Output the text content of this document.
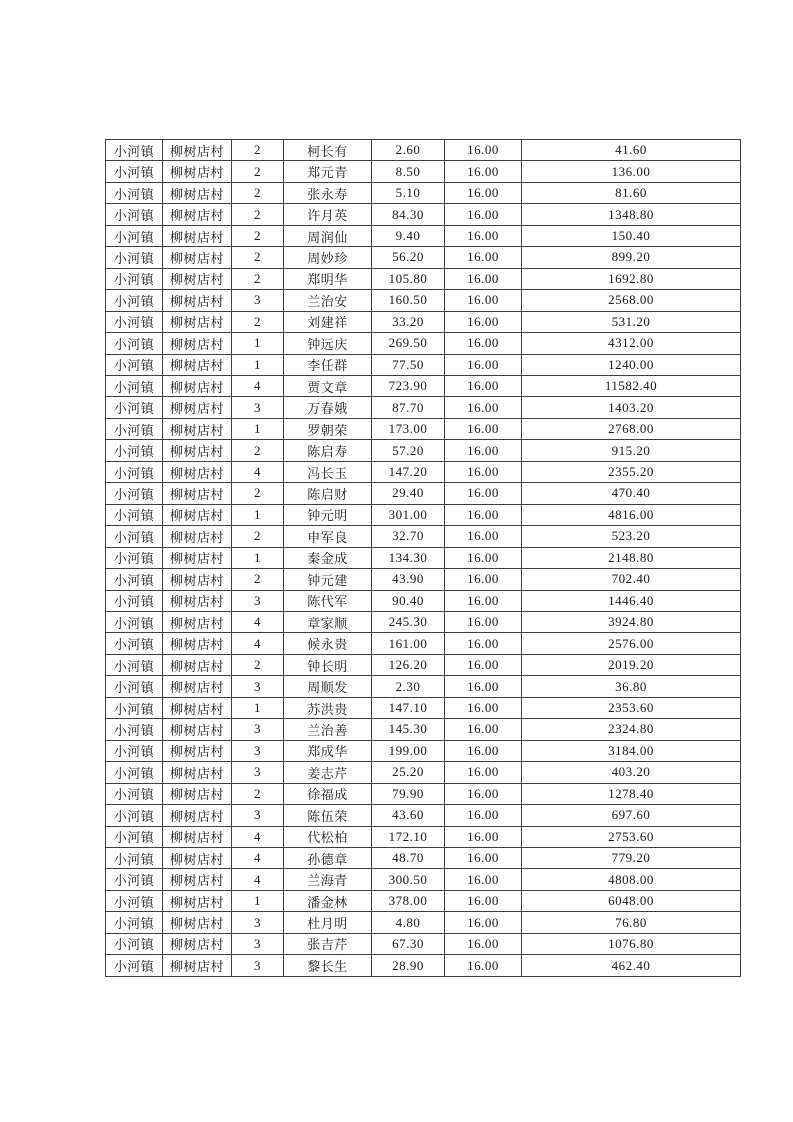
小河镇	柳树店村	2	柯长有	2.60	16.00	41.60
小河镇	柳树店村	2	郑元青	8.50	16.00	136.00
小河镇	柳树店村	2	张永寿	5.10	16.00	81.60
小河镇	柳树店村	2	许月英	84.30	16.00	1348.80
小河镇	柳树店村	2	周润仙	9.40	16.00	150.40
小河镇	柳树店村	2	周妙珍	56.20	16.00	899.20
小河镇	柳树店村	2	郑明华	105.80	16.00	1692.80
小河镇	柳树店村	3	兰治安	160.50	16.00	2568.00
小河镇	柳树店村	2	刘建祥	33.20	16.00	531.20
小河镇	柳树店村	1	钟远庆	269.50	16.00	4312.00
小河镇	柳树店村	1	李任群	77.50	16.00	1240.00
小河镇	柳树店村	4	贾文章	723.90	16.00	11582.40
小河镇	柳树店村	3	万春娥	87.70	16.00	1403.20
小河镇	柳树店村	1	罗朝荣	173.00	16.00	2768.00
小河镇	柳树店村	2	陈启寿	57.20	16.00	915.20
小河镇	柳树店村	4	冯长玉	147.20	16.00	2355.20
小河镇	柳树店村	2	陈启财	29.40	16.00	470.40
小河镇	柳树店村	1	钟元明	301.00	16.00	4816.00
小河镇	柳树店村	2	申军良	32.70	16.00	523.20
小河镇	柳树店村	1	秦金成	134.30	16.00	2148.80
小河镇	柳树店村	2	钟元建	43.90	16.00	702.40
小河镇	柳树店村	3	陈代军	90.40	16.00	1446.40
小河镇	柳树店村	4	章家顺	245.30	16.00	3924.80
小河镇	柳树店村	4	候永贵	161.00	16.00	2576.00
小河镇	柳树店村	2	钟长明	126.20	16.00	2019.20
小河镇	柳树店村	3	周顺发	2.30	16.00	36.80
小河镇	柳树店村	1	苏洪贵	147.10	16.00	2353.60
小河镇	柳树店村	3	兰治善	145.30	16.00	2324.80
小河镇	柳树店村	3	郑成华	199.00	16.00	3184.00
小河镇	柳树店村	3	姜志芹	25.20	16.00	403.20
小河镇	柳树店村	2	徐福成	79.90	16.00	1278.40
小河镇	柳树店村	3	陈伍荣	43.60	16.00	697.60
小河镇	柳树店村	4	代松柏	172.10	16.00	2753.60
小河镇	柳树店村	4	孙德章	48.70	16.00	779.20
小河镇	柳树店村	4	兰海青	300.50	16.00	4808.00
小河镇	柳树店村	1	潘金林	378.00	16.00	6048.00
小河镇	柳树店村	3	杜月明	4.80	16.00	76.80
小河镇	柳树店村	3	张吉芹	67.30	16.00	1076.80
小河镇	柳树店村	3	黎长生	28.90	16.00	462.40
